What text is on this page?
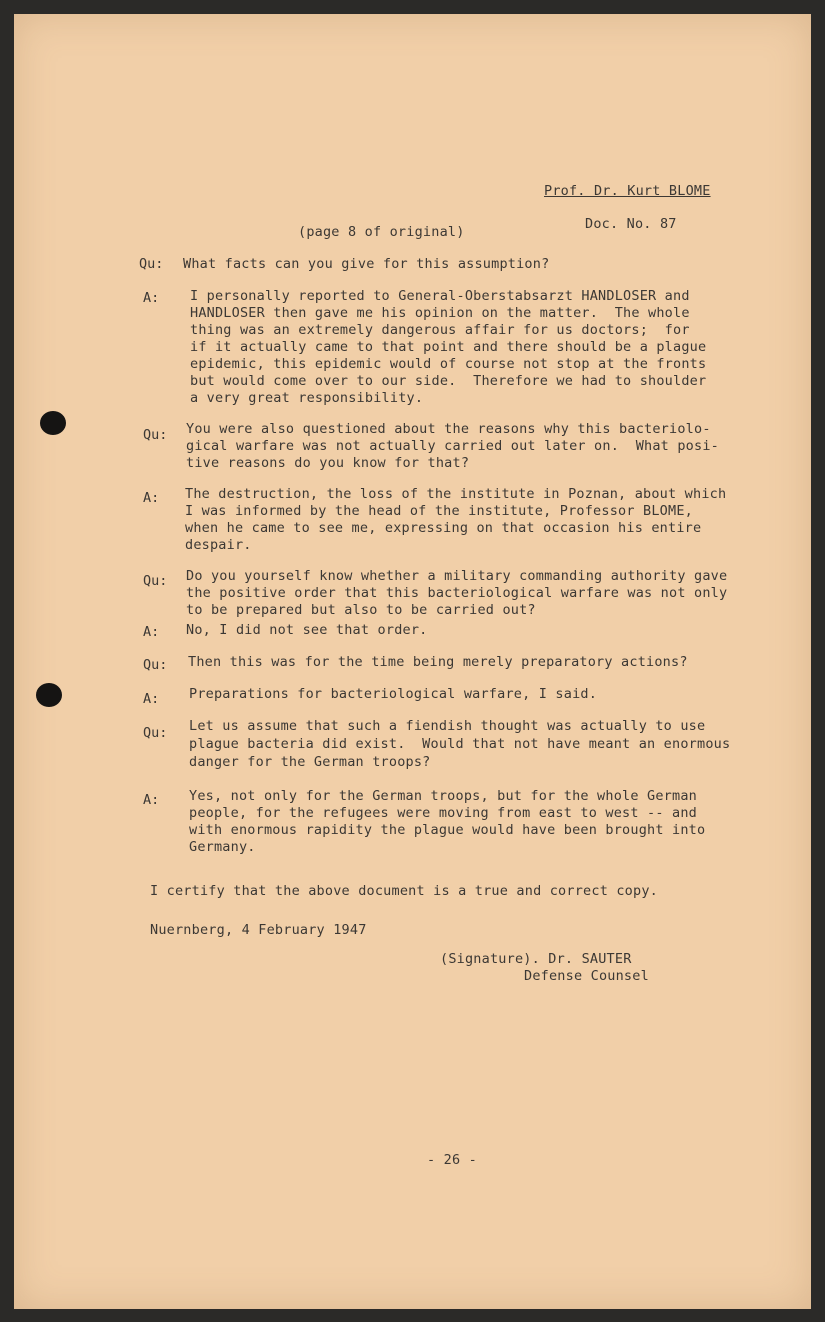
Prof. Dr. Kurt BLOME
Doc. No. 87
(page 8 of original)
Qu: What facts can you give for this assumption?
A: I personally reported to General-Oberstabsarzt HANDLOSER and
HANDLOSER then gave me his opinion on the matter.  The whole
thing was an extremely dangerous affair for us doctors;  for
if it actually came to that point and there should be a plague
epidemic, this epidemic would of course not stop at the fronts
but would come over to our side.  Therefore we had to shoulder
a very great responsibility.
Qu: You were also questioned about the reasons why this bacteriolo-
gical warfare was not actually carried out later on.  What posi-
tive reasons do you know for that?
A: The destruction, the loss of the institute in Poznan, about which
I was informed by the head of the institute, Professor BLOME,
when he came to see me, expressing on that occasion his entire
despair.
Qu: Do you yourself know whether a military commanding authority gave
the positive order that this bacteriological warfare was not only
to be prepared but also to be carried out?
A: No, I did not see that order.
Qu: Then this was for the time being merely preparatory actions?
A: Preparations for bacteriological warfare, I said.
Qu: Let us assume that such a fiendish thought was actually to use
plague bacteria did exist.  Would that not have meant an enormous
danger for the German troops?
A: Yes, not only for the German troops, but for the whole German
people, for the refugees were moving from east to west -- and
with enormous rapidity the plague would have been brought into
Germany.
I certify that the above document is a true and correct copy.
Nuernberg, 4 February 1947
(Signature). Dr. SAUTER
Defense Counsel
- 26 -
